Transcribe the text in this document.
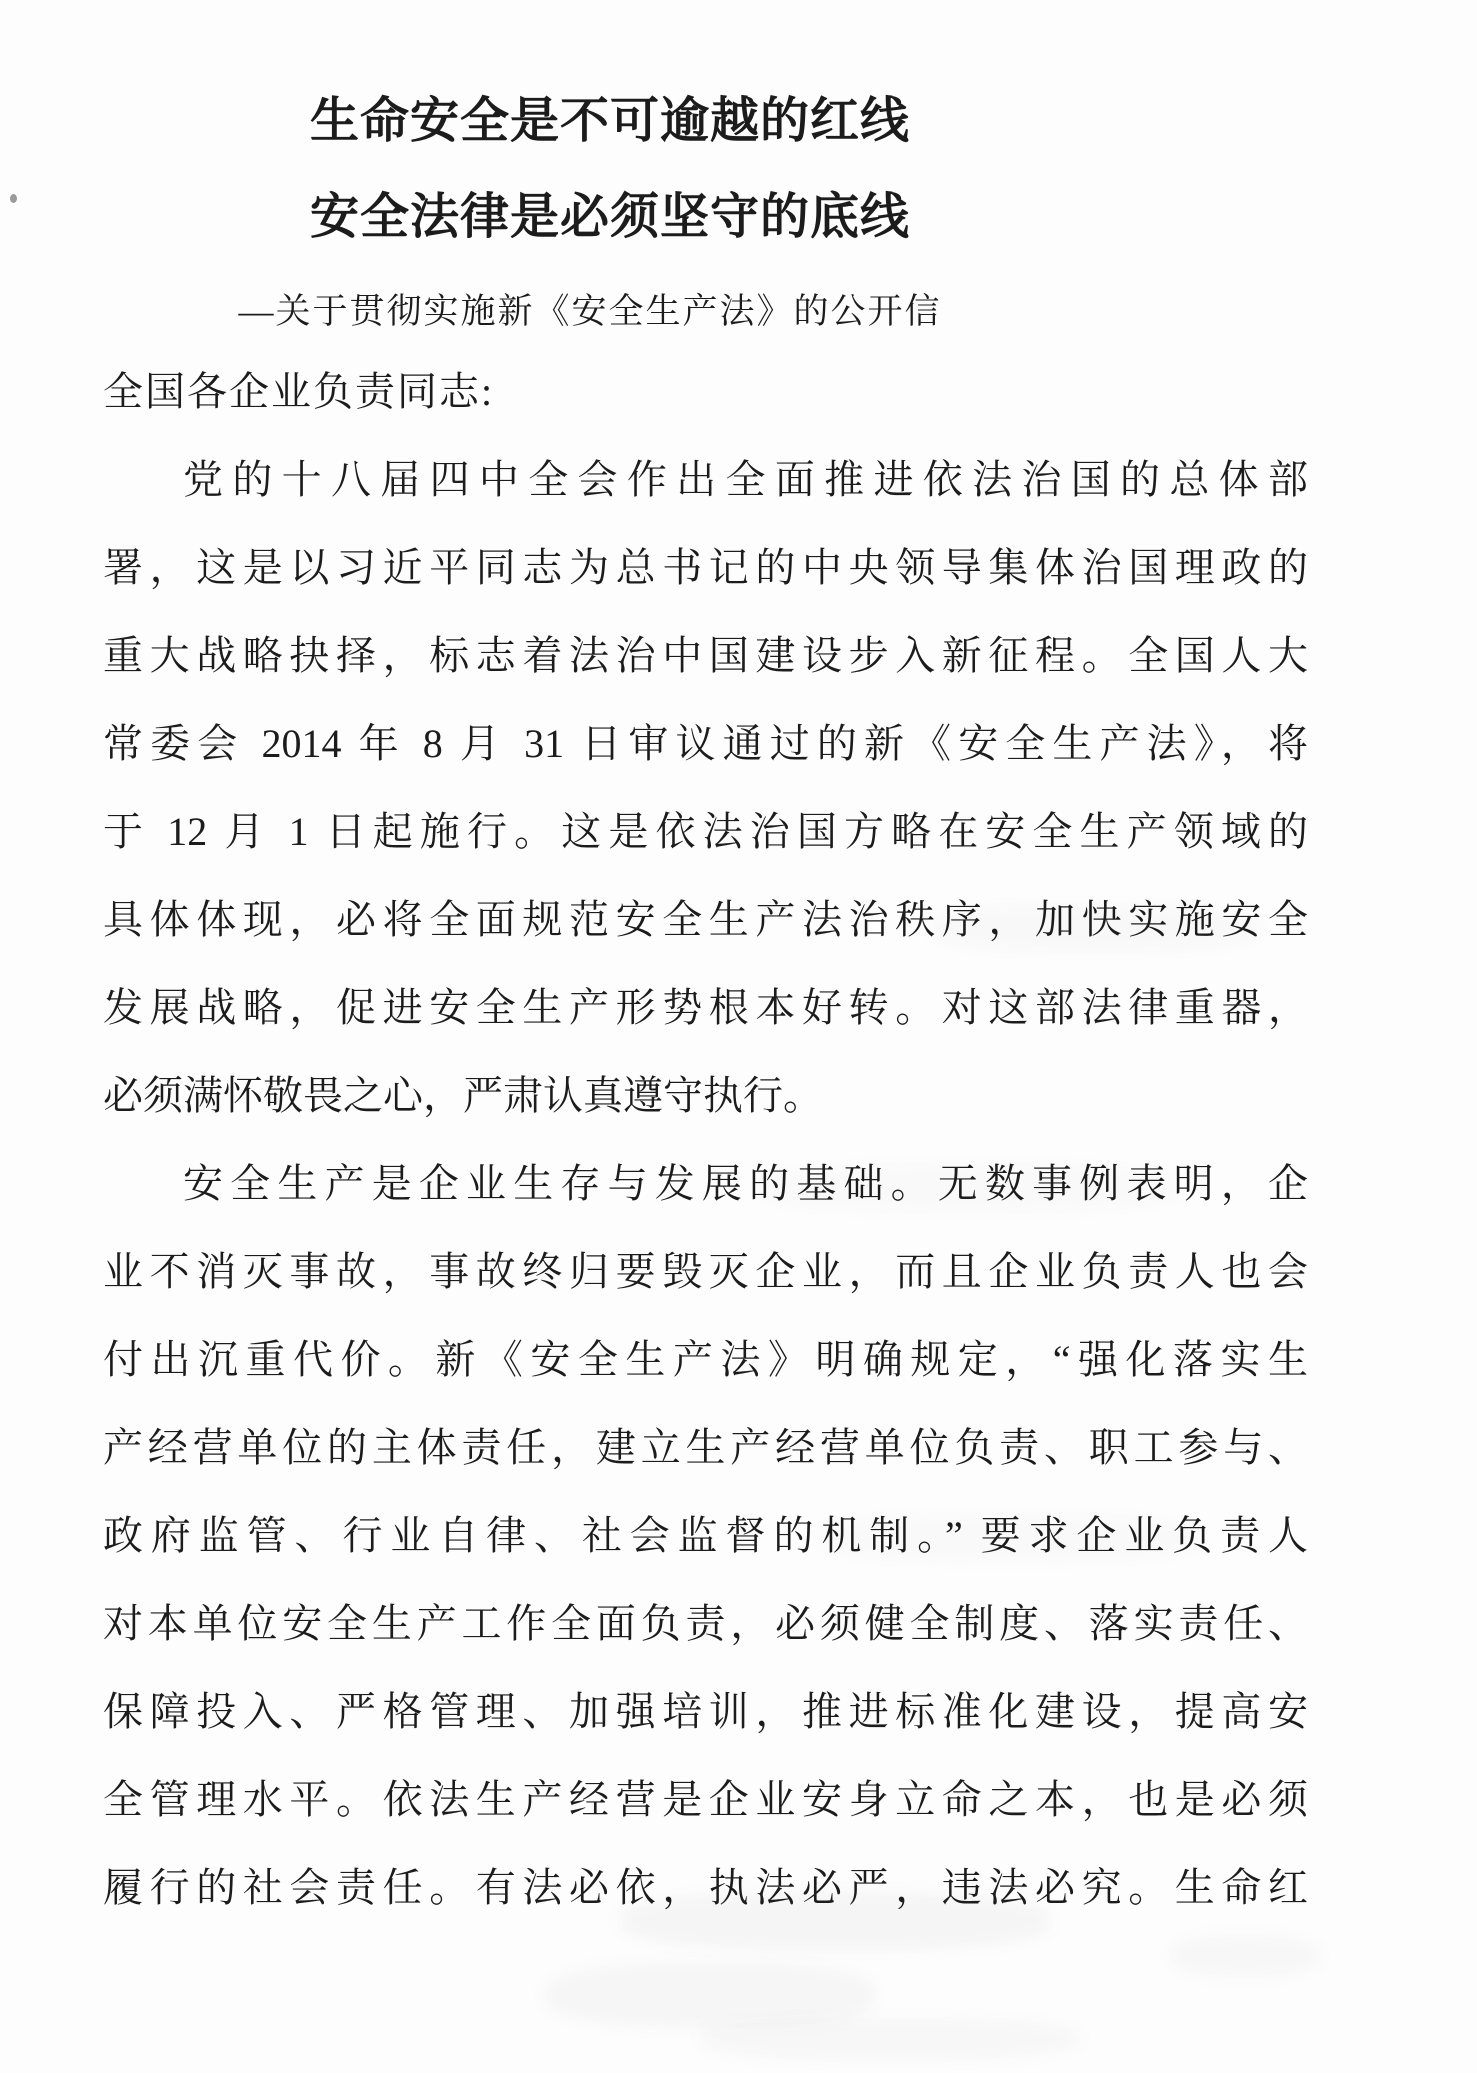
生命安全是不可逾越的红线
安全法律是必须坚守的底线
—关于贯彻实施新《安全生产法》的公开信
全国各企业负责同志:
党的十八届四中全会作出全面推进依法治国的总体部
署，这是以习近平同志为总书记的中央领导集体治国理政的
重大战略抉择，标志着法治中国建设步入新征程。全国人大
常委会 2014 年 8 月 31 日审议通过的新《安全生产法》，将
于 12 月 1 日起施行。这是依法治国方略在安全生产领域的
具体体现，必将全面规范安全生产法治秩序，加快实施安全
发展战略，促进安全生产形势根本好转。对这部法律重器，
必须满怀敬畏之心，严肃认真遵守执行。
安全生产是企业生存与发展的基础。无数事例表明，企
业不消灭事故，事故终归要毁灭企业，而且企业负责人也会
付出沉重代价。新《安全生产法》明确规定，“强化落实生
产经营单位的主体责任，建立生产经营单位负责、职工参与、
政府监管、行业自律、社会监督的机制。” 要求企业负责人
对本单位安全生产工作全面负责，必须健全制度、落实责任、
保障投入、严格管理、加强培训，推进标准化建设，提高安
全管理水平。依法生产经营是企业安身立命之本，也是必须
履行的社会责任。有法必依，执法必严，违法必究。生命红
